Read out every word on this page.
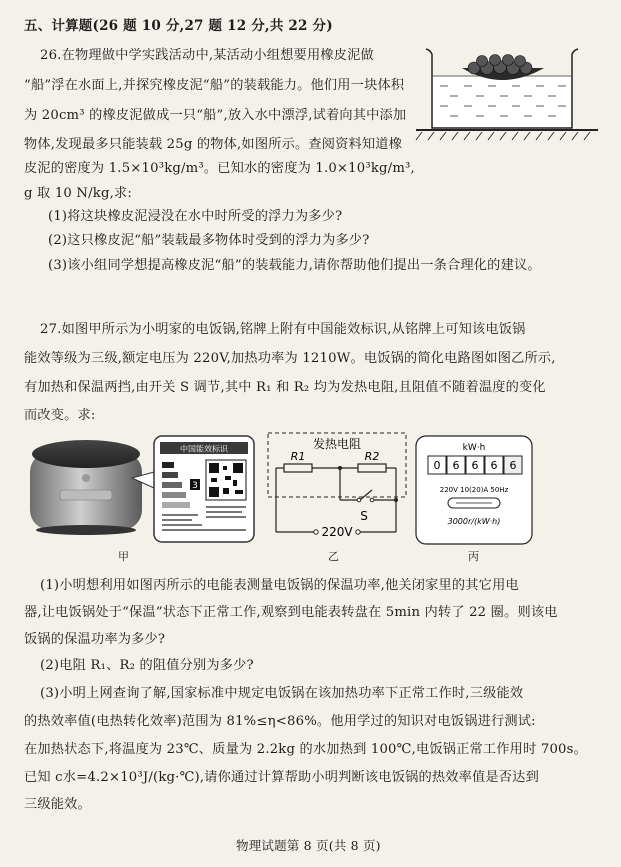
五、计算题(26 题 10 分,27 题 12 分,共 22 分)
26.在物理做中学实践活动中,某活动小组想要用橡皮泥做
“船”浮在水面上,并探究橡皮泥“船”的装载能力。他们用一块体积
为 20cm³ 的橡皮泥做成一只“船”,放入水中漂浮,试着向其中添加
物体,发现最多只能装载 25g 的物体,如图所示。查阅资料知道橡
皮泥的密度为 1.5×10³kg/m³。已知水的密度为 1.0×10³kg/m³,
g 取 10 N/kg,求:
(1)将这块橡皮泥浸没在水中时所受的浮力为多少?
(2)这只橡皮泥“船”装载最多物体时受到的浮力为多少?
(3)该小组同学想提高橡皮泥“船”的装载能力,请你帮助他们提出一条合理化的建议。
27.如图甲所示为小明家的电饭锅,铭牌上附有中国能效标识,从铭牌上可知该电饭锅
能效等级为三级,额定电压为 220V,加热功率为 1210W。电饭锅的简化电路图如图乙所示,
有加热和保温两挡,由开关 S 调节,其中 R₁ 和 R₂ 均为发热电阻,且阻值不随着温度的变化
而改变。求:
中国能效标识
3
甲
发热电阻
R1	R2
S
220V
乙
kW·h
0 6 6 6 6
220V 10(20)A 50Hz
3000r/(kW·h)
丙
(1)小明想利用如图丙所示的电能表测量电饭锅的保温功率,他关闭家里的其它用电
器,让电饭锅处于“保温”状态下正常工作,观察到电能表转盘在 5min 内转了 22 圈。则该电
饭锅的保温功率为多少?
(2)电阻 R₁、R₂ 的阻值分别为多少?
(3)小明上网查询了解,国家标准中规定电饭锅在该加热功率下正常工作时,三级能效
的热效率值(电热转化效率)范围为 81%≤η<86%。他用学过的知识对电饭锅进行测试:
在加热状态下,将温度为 23℃、质量为 2.2kg 的水加热到 100℃,电饭锅正常工作用时 700s。
已知 c水=4.2×10³J/(kg·℃),请你通过计算帮助小明判断该电饭锅的热效率值是否达到
三级能效。
物理试题第 8 页(共 8 页)
